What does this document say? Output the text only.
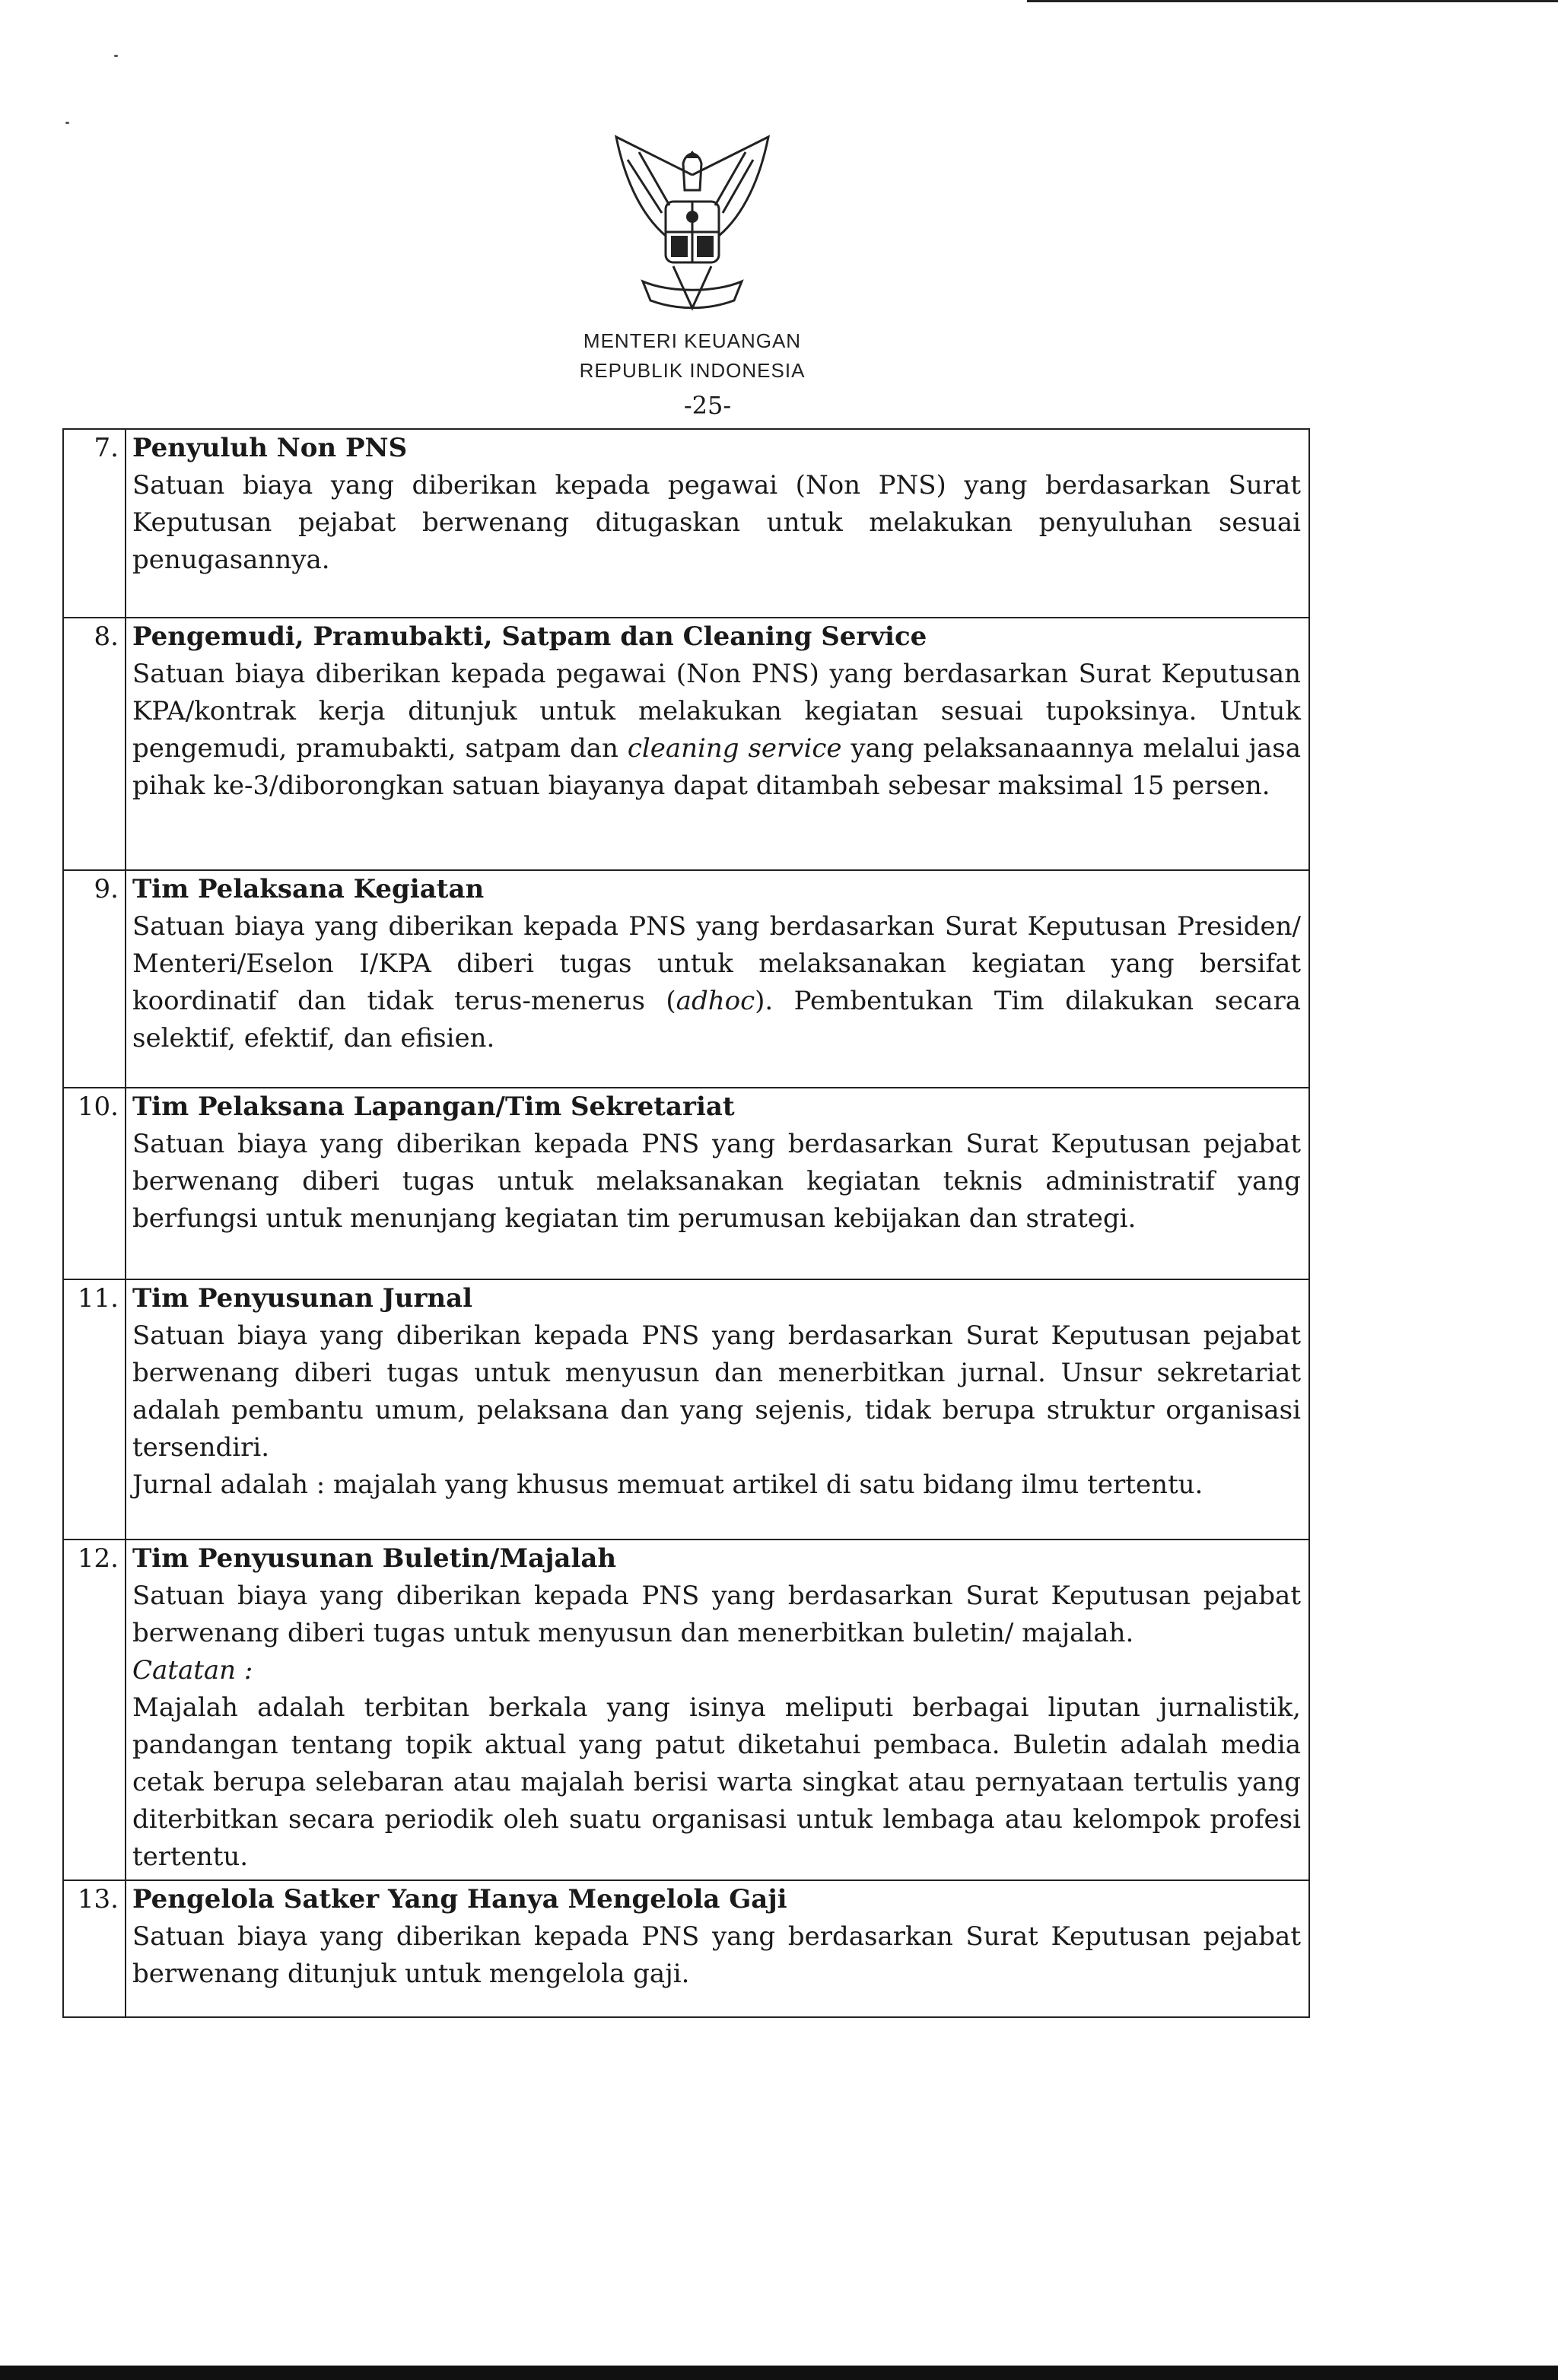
MENTERI KEUANGAN
REPUBLIK INDONESIA
-25-
7.	Penyuluh Non PNS
Satuan biaya yang diberikan kepada pegawai (Non PNS) yang berdasarkan Surat Keputusan pejabat berwenang ditugaskan untuk melakukan penyuluhan sesuai penugasannya.

8.	Pengemudi, Pramubakti, Satpam dan Cleaning Service
Satuan biaya diberikan kepada pegawai (Non PNS) yang berdasarkan Surat Keputusan KPA/kontrak kerja ditunjuk untuk melakukan kegiatan sesuai tupoksinya. Untuk pengemudi, pramubakti, satpam dan cleaning service yang pelaksanaannya melalui jasa pihak ke-3/diborongkan satuan biayanya dapat ditambah sebesar maksimal 15 persen.

9.	Tim Pelaksana Kegiatan
Satuan biaya yang diberikan kepada PNS yang berdasarkan Surat Keputusan Presiden/ Menteri/Eselon I/KPA diberi tugas untuk melaksanakan kegiatan yang bersifat koordinatif dan tidak terus-menerus (adhoc). Pembentukan Tim dilakukan secara selektif, efektif, dan efisien.

10.	Tim Pelaksana Lapangan/Tim Sekretariat
Satuan biaya yang diberikan kepada PNS yang berdasarkan Surat Keputusan pejabat berwenang diberi tugas untuk melaksanakan kegiatan teknis administratif yang berfungsi untuk menunjang kegiatan tim perumusan kebijakan dan strategi.

11.	Tim Penyusunan Jurnal
Satuan biaya yang diberikan kepada PNS yang berdasarkan Surat Keputusan pejabat berwenang diberi tugas untuk menyusun dan menerbitkan jurnal. Unsur sekretariat adalah pembantu umum, pelaksana dan yang sejenis, tidak berupa struktur organisasi tersendiri.
Jurnal adalah : majalah yang khusus memuat artikel di satu bidang ilmu tertentu.

12.	Tim Penyusunan Buletin/Majalah
Satuan biaya yang diberikan kepada PNS yang berdasarkan Surat Keputusan pejabat berwenang diberi tugas untuk menyusun dan menerbitkan buletin/ majalah.
Catatan :
Majalah adalah terbitan berkala yang isinya meliputi berbagai liputan jurnalistik, pandangan tentang topik aktual yang patut diketahui pembaca. Buletin adalah media cetak berupa selebaran atau majalah berisi warta singkat atau pernyataan tertulis yang diterbitkan secara periodik oleh suatu organisasi untuk lembaga atau kelompok profesi tertentu.

13.	Pengelola Satker Yang Hanya Mengelola Gaji
Satuan biaya yang diberikan kepada PNS yang berdasarkan Surat Keputusan pejabat berwenang ditunjuk untuk mengelola gaji.
